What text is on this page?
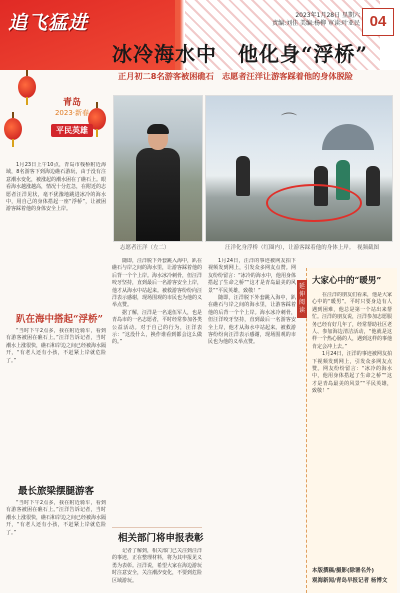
追飞猛进	2023年1月28日 星期六
责编:刘佳 美编:杨柳 审读:叶亚民 04
冰冷海水中　他化身“浮桥”
正月初二8名游客被困礁石　志愿者汪洋让游客踩着他的身体脱险
青岛
2023·新春
平民英雄
志愿者汪洋（左二）
⌒
汪洋化身浮桥（红圈内），让游客踩着他的身体上岸。　视频截图

1月23日上午10点，青岛市栈桥附近海域，8名游客下到海边礁石游玩，由于没有注意潮水变化，被涨起的潮水困在了礁石上。眼看海水越涨越高，情况十分危急，在附近的志愿者汪洋见状，毫不犹豫地跳进冰冷的海水中，用自己的身体搭起一座“浮桥”，让被困游客踩着他的身体安全上岸。

趴在海中搭起“浮桥”

“当时下午2点多，我在附近骑车，看到有游客被困在礁石上。”汪洋告诉记者，当时潮水上涨很快，礁石和岸边之间已经被海水隔开，“有老人还有小孩，不赶紧上岸就危险了。”

最长旅梁摆腿游客

“当时下午2点多，我在附近骑车，看到有游客被困在礁石上。”汪洋告诉记者，当时潮水上涨很快，礁石和岸边之间已经被海水隔开，“有老人还有小孩，不赶紧上岸就危险了。”

随即，汪洋脱下外套跳入海中，趴在礁石与岸之间的海水里，让游客踩着他的后背一个个上岸。海水冰冷刺骨，但汪洋咬牙坚持，直到最后一名游客安全上岸，他才从海水中站起来。被救游客纷纷向汪洋表示感谢，现场围观的市民也为他的义举点赞。

据了解，汪洋是一名退伍军人，也是青岛市的一名志愿者，平时经常参加各类公益活动。对于自己的行为，汪洋表示：“这没什么，换作谁看到都会这么做的。”

相关部门将申报表彰

记者了解到，相关部门已关注到汪洋的事迹，正在整理材料，将为其申报见义勇为表彰。汪洋说，希望大家在海边游玩时注意安全，关注潮汐变化，不要到危险区域游玩。

1月24日，汪洋的事迹被网友拍下视频发到网上，引发众多网友点赞。网友纷纷留言：“冰冷的海水中，他用身体搭起了生命之桥”“这才是青岛最美的风景”“平民英雄，致敬！”

随即，汪洋脱下外套跳入海中，趴在礁石与岸之间的海水里，让游客踩着他的后背一个个上岸。海水冰冷刺骨，但汪洋咬牙坚持，直到最后一名游客安全上岸，他才从海水中站起来。被救游客纷纷向汪洋表示感谢，现场围观的市民也为他的义举点赞。

延伸阅读
大家心中的“暖男”

在汪洋的朋友们看来，他是大家心中的“暖男”。平时只要身边有人遇到困难，他总是第一个站出来帮忙。汪洋的朋友说，汪洋参加志愿服务已经有好几年了，经常帮助社区老人、参加海边清洁活动，“他就是这样一个热心肠的人，遇到这样的事他肯定会冲上去。”

1月24日，汪洋的事迹被网友拍下视频发到网上，引发众多网友点赞。网友纷纷留言：“冰冷的海水中，他用身体搭起了生命之桥”“这才是青岛最美的风景”“平民英雄，致敬！”

本版撰稿/摄影(除署名外)
观海新闻/青岛早报记者 杨博文
